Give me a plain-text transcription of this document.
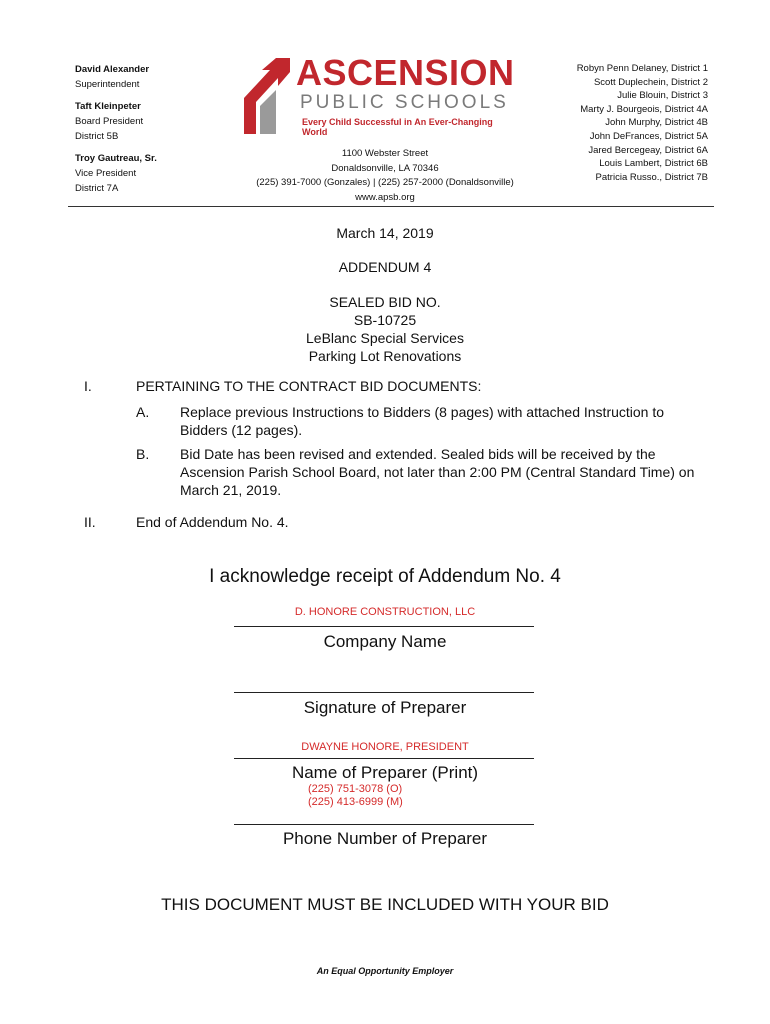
David Alexander
Superintendent
Taft Kleinpeter
Board President
District 5B
Troy Gautreau, Sr.
Vice President
District 7A
ASCENSION
PUBLIC SCHOOLS
Every Child Successful in An Ever-Changing World
Robyn Penn Delaney, District 1
Scott Duplechein, District 2
Julie Blouin, District 3
Marty J. Bourgeois, District 4A
John Murphy, District 4B
John DeFrances, District 5A
Jared Bercegeay, District 6A
Louis Lambert, District 6B
Patricia Russo., District 7B
1100 Webster Street
Donaldsonville, LA 70346
(225) 391-7000 (Gonzales) | (225) 257-2000 (Donaldsonville)
www.apsb.org
March 14, 2019
ADDENDUM 4
SEALED BID NO.
SB-10725
LeBlanc Special Services
Parking Lot Renovations
I.	PERTAINING TO THE CONTRACT BID DOCUMENTS:
A. Replace previous Instructions to Bidders (8 pages) with attached Instruction to
Bidders (12 pages).
B. Bid Date has been revised and extended. Sealed bids will be received by the
Ascension Parish School Board, not later than 2:00 PM (Central Standard Time) on
March 21, 2019.
II.	End of Addendum No. 4.
I acknowledge receipt of Addendum No. 4
D. HONORE CONSTRUCTION, LLC
Company Name
Signature of Preparer
DWAYNE HONORE, PRESIDENT
Name of Preparer (Print)
(225) 751-3078 (O)
(225) 413-6999 (M)
Phone Number of Preparer
THIS DOCUMENT MUST BE INCLUDED WITH YOUR BID
An Equal Opportunity Employer
